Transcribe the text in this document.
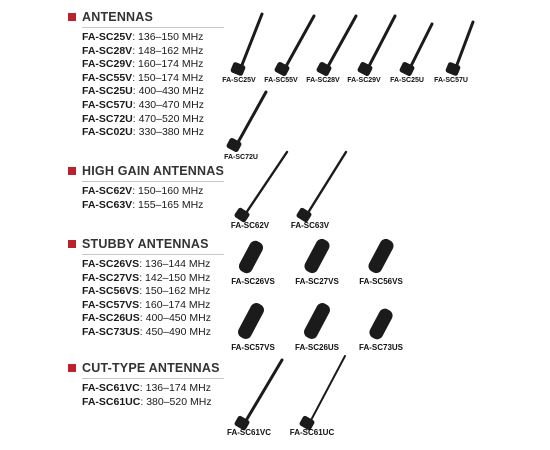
ANTENNAS
FA-SC25V: 136–150 MHz
FA-SC28V: 148–162 MHz
FA-SC29V: 160–174 MHz
FA-SC55V: 150–174 MHz
FA-SC25U: 400–430 MHz
FA-SC57U: 430–470 MHz
FA-SC72U: 470–520 MHz
FA-SC02U: 330–380 MHz
HIGH GAIN ANTENNAS
FA-SC62V: 150–160 MHz
FA-SC63V: 155–165 MHz
STUBBY ANTENNAS
FA-SC26VS: 136–144 MHz
FA-SC27VS: 142–150 MHz
FA-SC56VS: 150–162 MHz
FA-SC57VS: 160–174 MHz
FA-SC26US: 400–450 MHz
FA-SC73US: 450–490 MHz
CUT-TYPE ANTENNAS
FA-SC61VC: 136–174 MHz
FA-SC61UC: 380–520 MHz
FA-SC25V FA-SC55V FA-SC28V FA-SC29V FA-SC25U FA-SC57U
FA-SC72U
FA-SC62V	FA-SC63V
FA-SC26VS	FA-SC27VS	FA-SC56VS
FA-SC57VS	FA-SC26US FA-SC73US
FA-SC61VC FA-SC61UC
